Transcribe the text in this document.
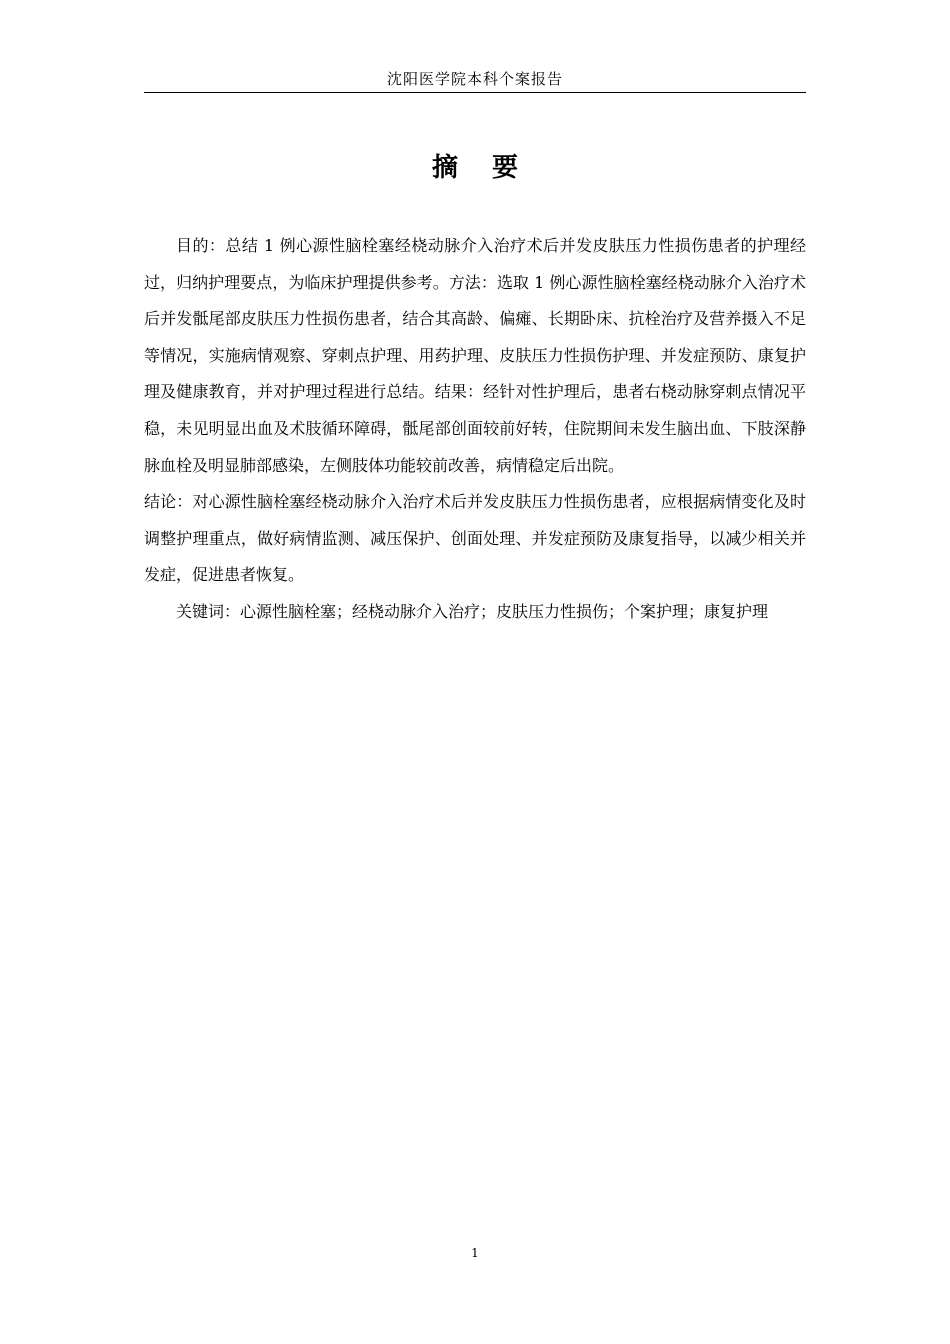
沈阳医学院本科个案报告
摘 要

目的：总结 1 例心源性脑栓塞经桡动脉介入治疗术后并发皮肤压力性损伤患者的护理经过，归纳护理要点，为临床护理提供参考。方法：选取 1 例心源性脑栓塞经桡动脉介入治疗术后并发骶尾部皮肤压力性损伤患者，结合其高龄、偏瘫、长期卧床、抗栓治疗及营养摄入不足等情况，实施病情观察、穿刺点护理、用药护理、皮肤压力性损伤护理、并发症预防、康复护理及健康教育，并对护理过程进行总结。结果：经针对性护理后，患者右桡动脉穿刺点情况平稳，未见明显出血及术肢循环障碍，骶尾部创面较前好转，住院期间未发生脑出血、下肢深静脉血栓及明显肺部感染，左侧肢体功能较前改善，病情稳定后出院。
结论：对心源性脑栓塞经桡动脉介入治疗术后并发皮肤压力性损伤患者，应根据病情变化及时调整护理重点，做好病情监测、减压保护、创面处理、并发症预防及康复指导，以减少相关并发症，促进患者恢复。

关键词：心源性脑栓塞；经桡动脉介入治疗；皮肤压力性损伤；个案护理；康复护理

1
